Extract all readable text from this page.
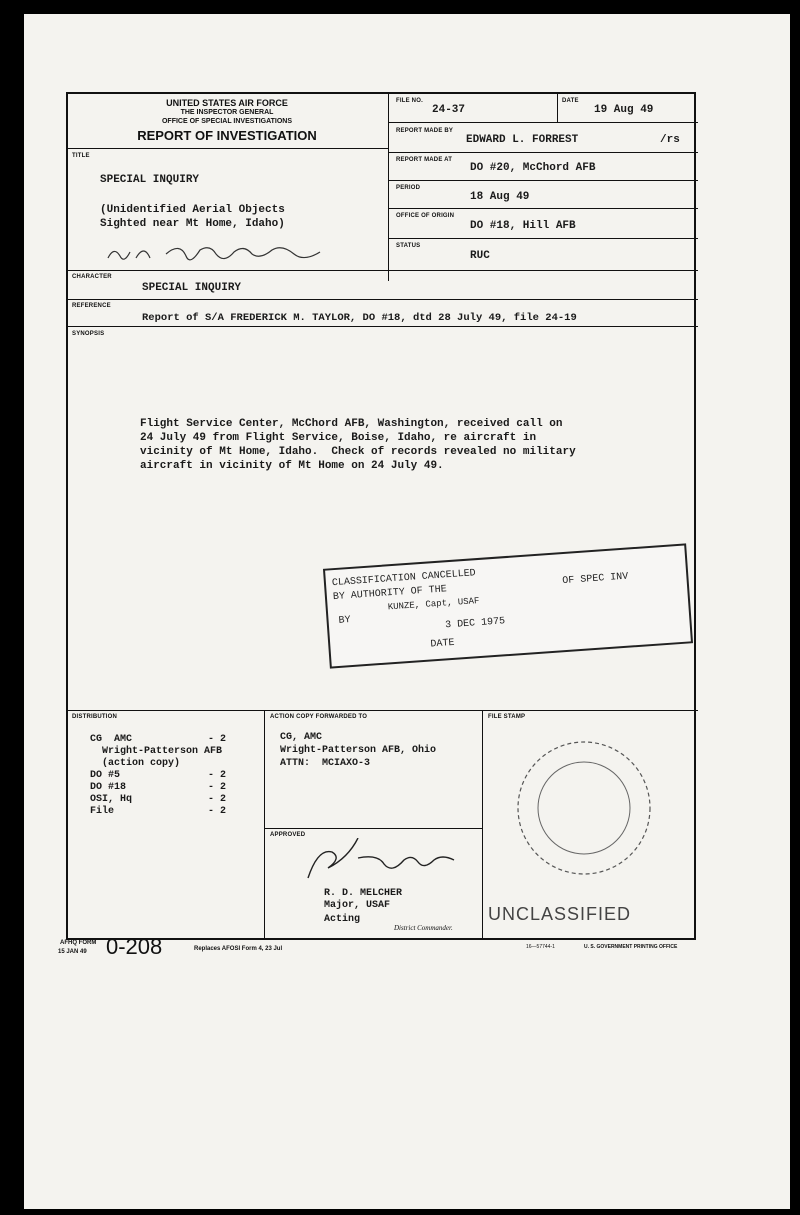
UNITED STATES AIR FORCE
THE INSPECTOR GENERAL
OFFICE OF SPECIAL INVESTIGATIONS
REPORT OF INVESTIGATION
FILE NO.
24-37
DATE
19 Aug 49
REPORT MADE BY
EDWARD L. FORREST	/rs
REPORT MADE AT
DO #20, McChord AFB
PERIOD
18 Aug 49
OFFICE OF ORIGIN
DO #18, Hill AFB
STATUS
RUC
TITLE
SPECIAL INQUIRY
(Unidentified Aerial Objects
Sighted near Mt Home, Idaho)
CHARACTER
SPECIAL INQUIRY
REFERENCE
Report of S/A FREDERICK M. TAYLOR, DO #18, dtd 28 July 49, file 24-19
SYNOPSIS
Flight Service Center, McChord AFB, Washington, received call on
24 July 49 from Flight Service, Boise, Idaho, re aircraft in
vicinity of Mt Home, Idaho.  Check of records revealed no military
aircraft in vicinity of Mt Home on 24 July 49.
DISTRIBUTION
CG  AMC	- 2
Wright-Patterson AFB
(action copy)
DO #5	- 2
DO #18	- 2
OSI, Hq	- 2
File	- 2
ACTION COPY FORWARDED TO
CG, AMC
Wright-Patterson AFB, Ohio
ATTN:  MCIAXO-3
APPROVED
R. D. MELCHER
Major, USAF
Acting
District Commander.
FILE STAMP
UNCLASSIFIED
CLASSIFICATION CANCELLED
BY AUTHORITY OF THE
OF SPEC INV
BY
KUNZE, Capt, USAF
3 DEC 1975
DATE
AFHQ FORM
15 JAN 49 0-208	Replaces AFOSI Form 4, 23 Jul	16—57744-1	U. S. GOVERNMENT PRINTING OFFICE
